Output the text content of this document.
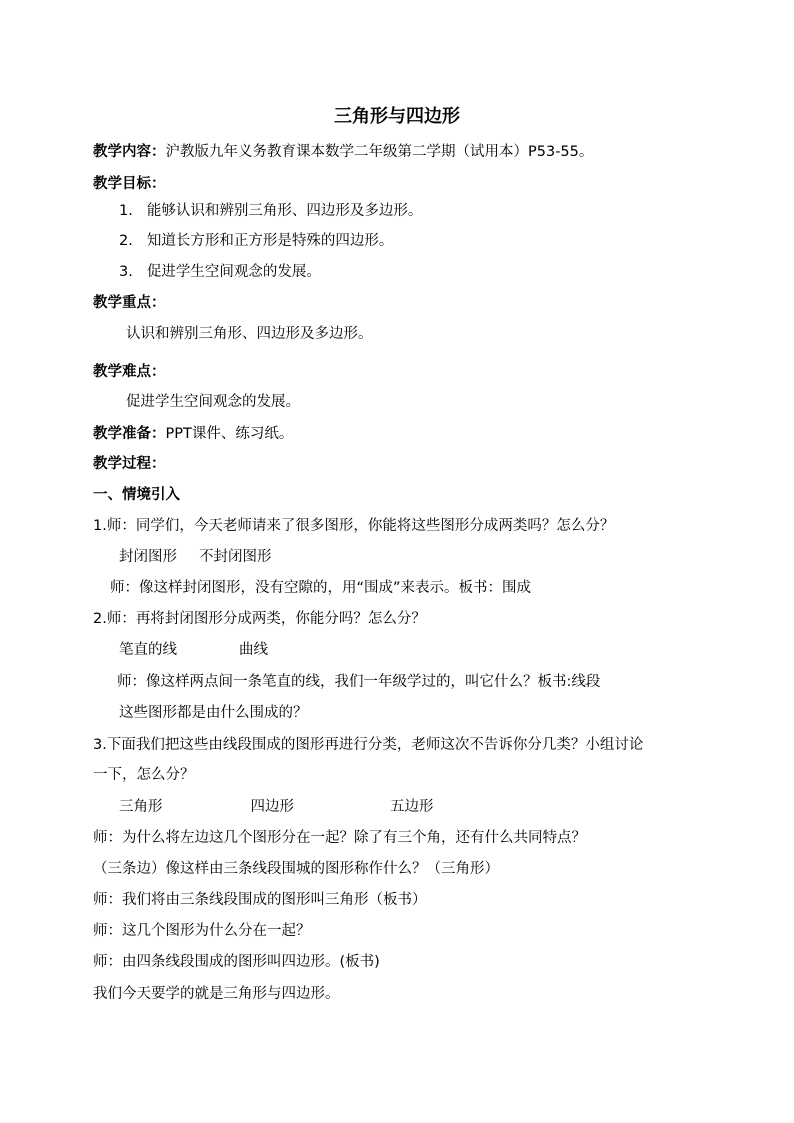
三角形与四边形
教学内容：沪教版九年义务教育课本数学二年级第二学期（试用本）P53-55。
教学目标：
1. 能够认识和辨别三角形、四边形及多边形。
2. 知道长方形和正方形是特殊的四边形。
3. 促进学生空间观念的发展。
教学重点：
认识和辨别三角形、四边形及多边形。
教学难点：
促进学生空间观念的发展。
教学准备：PPT课件、练习纸。
教学过程：
一、情境引入
1.师：同学们，今天老师请来了很多图形，你能将这些图形分成两类吗？怎么分？
封闭图形 不封闭图形
师：像这样封闭图形，没有空隙的，用“围成”来表示。板书：围成
2.师：再将封闭图形分成两类，你能分吗？怎么分？
笔直的线	曲线
师：像这样两点间一条笔直的线，我们一年级学过的，叫它什么？板书:线段
这些图形都是由什么围成的？
3.下面我们把这些由线段围成的图形再进行分类，老师这次不告诉你分几类？小组讨论
一下，怎么分？
三角形	四边形	五边形
师：为什么将左边这几个图形分在一起？除了有三个角，还有什么共同特点？
（三条边）像这样由三条线段围城的图形称作什么？（三角形）
师：我们将由三条线段围成的图形叫三角形（板书）
师：这几个图形为什么分在一起？
师：由四条线段围成的图形叫四边形。(板书)
我们今天要学的就是三角形与四边形。
